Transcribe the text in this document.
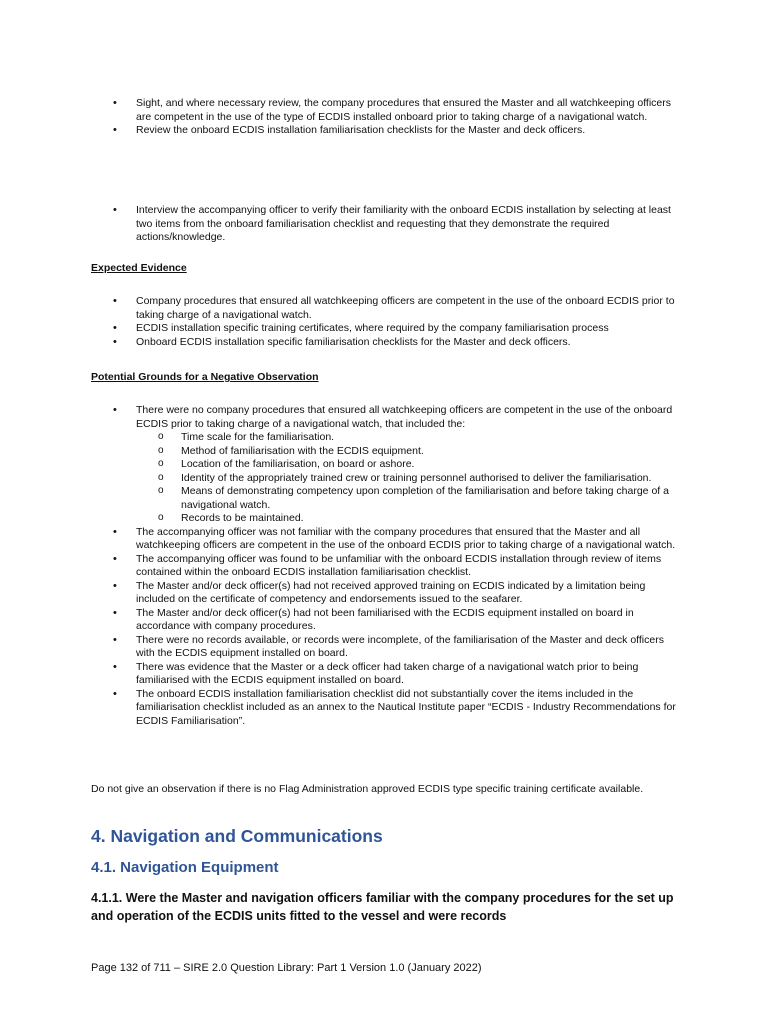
• Sight, and where necessary review, the company procedures that ensured the Master and all watchkeeping officers are competent in the use of the type of ECDIS installed onboard prior to taking charge of a navigational watch.
• Review the onboard ECDIS installation familiarisation checklists for the Master and deck officers.
• Interview the accompanying officer to verify their familiarity with the onboard ECDIS installation by selecting at least two items from the onboard familiarisation checklist and requesting that they demonstrate the required actions/knowledge.
Expected Evidence
• Company procedures that ensured all watchkeeping officers are competent in the use of the onboard ECDIS prior to taking charge of a navigational watch.
• ECDIS installation specific training certificates, where required by the company familiarisation process
• Onboard ECDIS installation specific familiarisation checklists for the Master and deck officers.
Potential Grounds for a Negative Observation
• There were no company procedures that ensured all watchkeeping officers are competent in the use of the onboard ECDIS prior to taking charge of a navigational watch, that included the:
o Time scale for the familiarisation.
o Method of familiarisation with the ECDIS equipment.
o Location of the familiarisation, on board or ashore.
o Identity of the appropriately trained crew or training personnel authorised to deliver the familiarisation.
o Means of demonstrating competency upon completion of the familiarisation and before taking charge of a navigational watch.
o Records to be maintained.
• The accompanying officer was not familiar with the company procedures that ensured that the Master and all watchkeeping officers are competent in the use of the onboard ECDIS prior to taking charge of a navigational watch.
• The accompanying officer was found to be unfamiliar with the onboard ECDIS installation through review of items contained within the onboard ECDIS installation familiarisation checklist.
• The Master and/or deck officer(s) had not received approved training on ECDIS indicated by a limitation being included on the certificate of competency and endorsements issued to the seafarer.
• The Master and/or deck officer(s) had not been familiarised with the ECDIS equipment installed on board in accordance with company procedures.
• There were no records available, or records were incomplete, of the familiarisation of the Master and deck officers with the ECDIS equipment installed on board.
• There was evidence that the Master or a deck officer had taken charge of a navigational watch prior to being familiarised with the ECDIS equipment installed on board.
• The onboard ECDIS installation familiarisation checklist did not substantially cover the items included in the familiarisation checklist included as an annex to the Nautical Institute paper “ECDIS - Industry Recommendations for ECDIS Familiarisation”.
Do not give an observation if there is no Flag Administration approved ECDIS type specific training certificate available.
4. Navigation and Communications
4.1. Navigation Equipment
4.1.1. Were the Master and navigation officers familiar with the company procedures for the set up and operation of the ECDIS units fitted to the vessel and were records
Page 132 of 711 – SIRE 2.0 Question Library: Part 1 Version 1.0 (January 2022)
